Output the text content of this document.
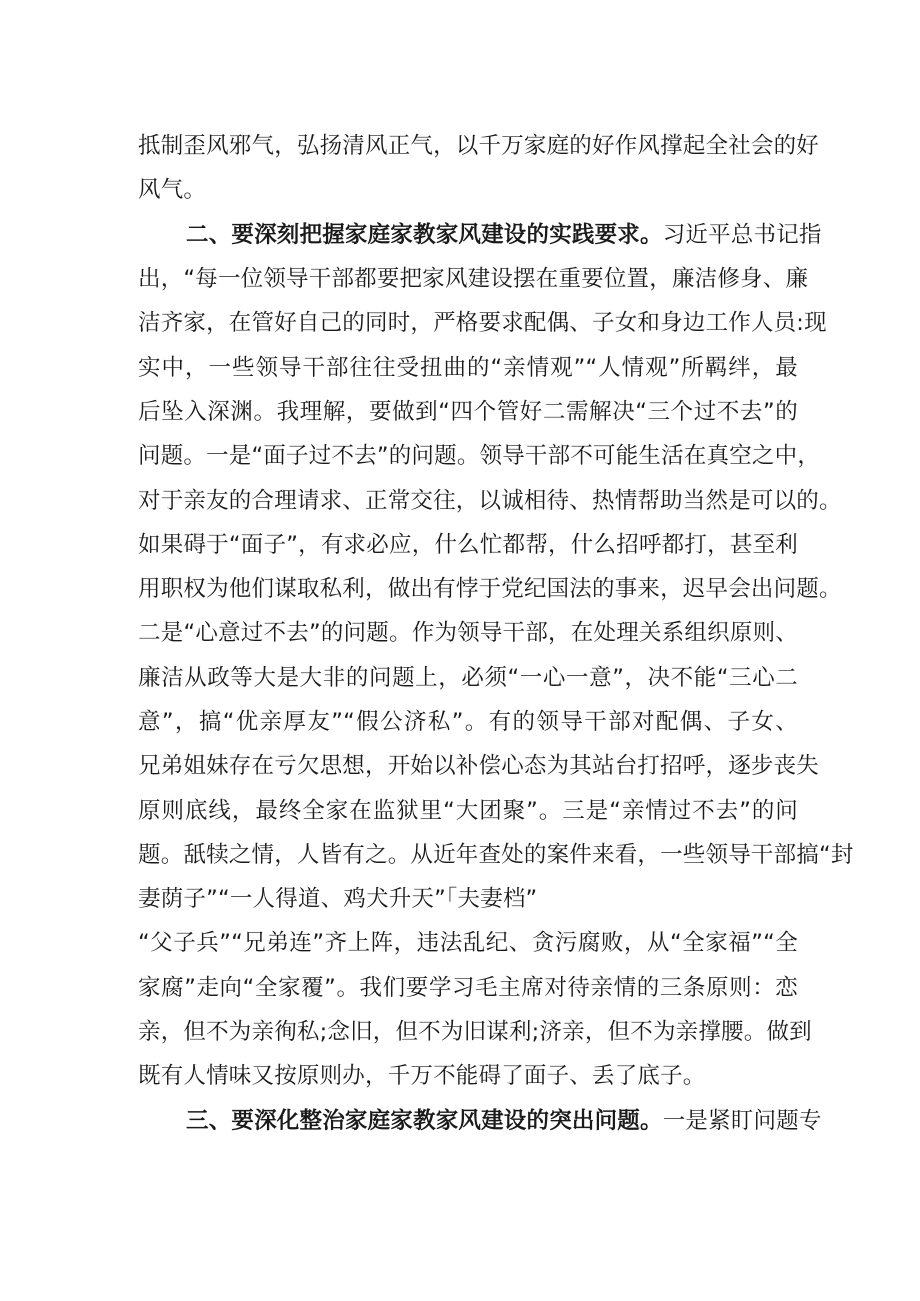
抵制歪风邪气，弘扬清风正气，以千万家庭的好作风撑起全社会的好
风气。
二、要深刻把握家庭家教家风建设的实践要求。习近平总书记指
出，“每一位领导干部都要把家风建设摆在重要位置，廉洁修身、廉
洁齐家，在管好自己的同时，严格要求配偶、子女和身边工作人员:现
实中，一些领导干部往往受扭曲的“亲情观”“人情观”所羁绊，最
后坠入深渊。我理解，要做到“四个管好二需解决“三个过不去”的
问题。一是“面子过不去”的问题。领导干部不可能生活在真空之中，
对于亲友的合理请求、正常交往，以诚相待、热情帮助当然是可以的。
如果碍于“面子”，有求必应，什么忙都帮，什么招呼都打，甚至利
用职权为他们谋取私利，做出有悖于党纪国法的事来，迟早会出问题。
二是“心意过不去”的问题。作为领导干部，在处理关系组织原则、
廉洁从政等大是大非的问题上，必须“一心一意”，决不能“三心二
意”，搞“优亲厚友”“假公济私”。有的领导干部对配偶、子女、
兄弟姐妹存在亏欠思想，开始以补偿心态为其站台打招呼，逐步丧失
原则底线，最终全家在监狱里“大团聚”。三是“亲情过不去”的问
题。舐犊之情，人皆有之。从近年查处的案件来看，一些领导干部搞“封
妻荫子”“一人得道、鸡犬升天”「夫妻档”
“父子兵”“兄弟连”齐上阵，违法乱纪、贪污腐败，从“全家福”“全
家腐”走向“全家覆”。我们要学习毛主席对待亲情的三条原则：恋
亲，但不为亲徇私;念旧，但不为旧谋利;济亲，但不为亲撑腰。做到
既有人情味又按原则办，千万不能碍了面子、丢了底子。
三、要深化整治家庭家教家风建设的突出问题。一是紧盯问题专
